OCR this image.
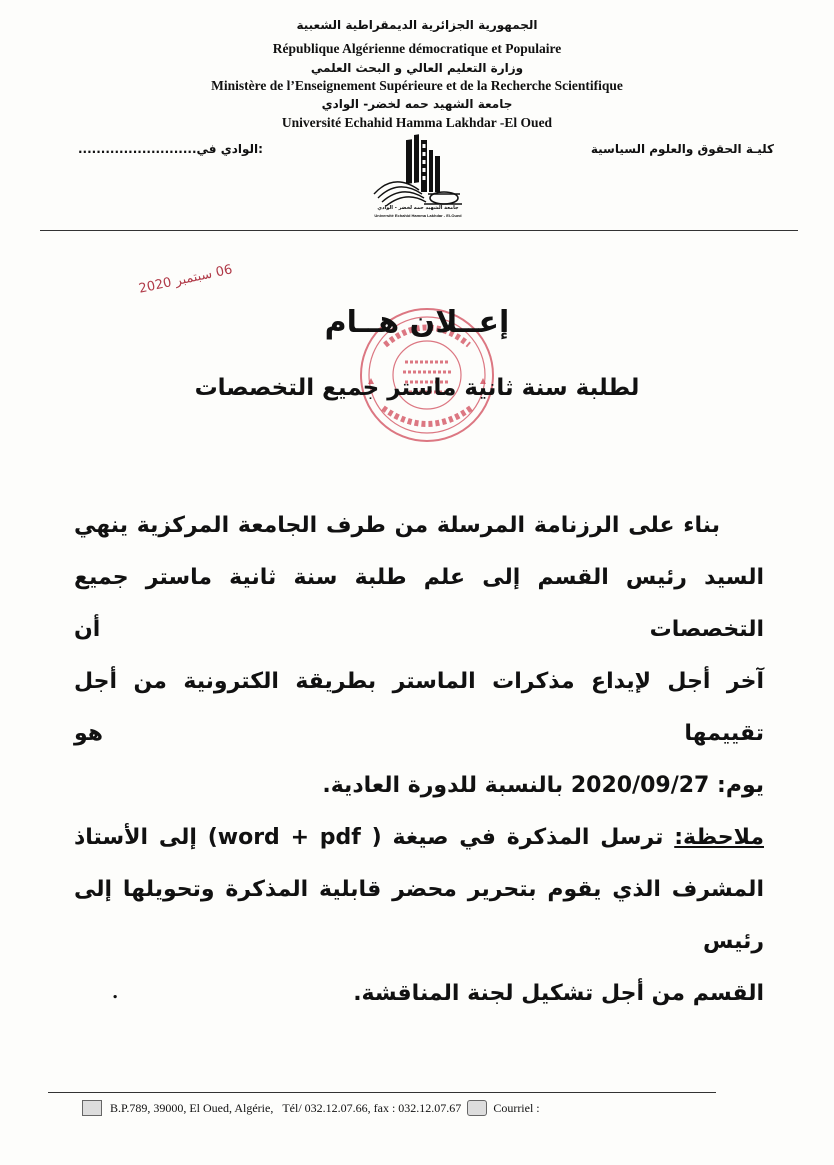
الجمهورية الجزائرية الديمقراطية الشعبية
République Algérienne démocratique et Populaire
وزارة التعليم العالي و البحث العلمي
Ministère de l’Enseignement Supérieure et de la Recherche Scientifique
جامعة الشهيد حمه لخضر- الوادي
Université Echahid Hamma Lakhdar -El Oued
كليـة الحقوق والعلوم السياسية
..........................الوادي في:
جامعة الشهيد حمه لخضر - الوادي
Université Echahid Hamma Lakhdar - El-Oued
06 سبتمبر 2020
إعــلان هــام
لطلبة سنة ثانية ماستر جميع التخصصات
بناء على الرزنامة المرسلة من طرف الجامعة المركزية ينهي
السيد رئيس القسم إلى علم طلبة سنة ثانية ماستر جميع التخصصات أن
آخر أجل لإيداع مذكرات الماستر بطريقة الكترونية من أجل تقييمها هو
يوم: 2020/09/27 بالنسبة للدورة العادية.
ملاحظة: ترسل المذكرة في صيغة ( word + pdf) إلى الأستاذ
المشرف الذي يقوم بتحرير محضر قابلية المذكرة وتحويلها إلى رئيس
القسم من أجل تشكيل لجنة المناقشة.
.
B.P.789, 39000, El Oued, Algérie,
Tél/ 032.12.07.66, fax : 032.12.07.67	Courriel :
